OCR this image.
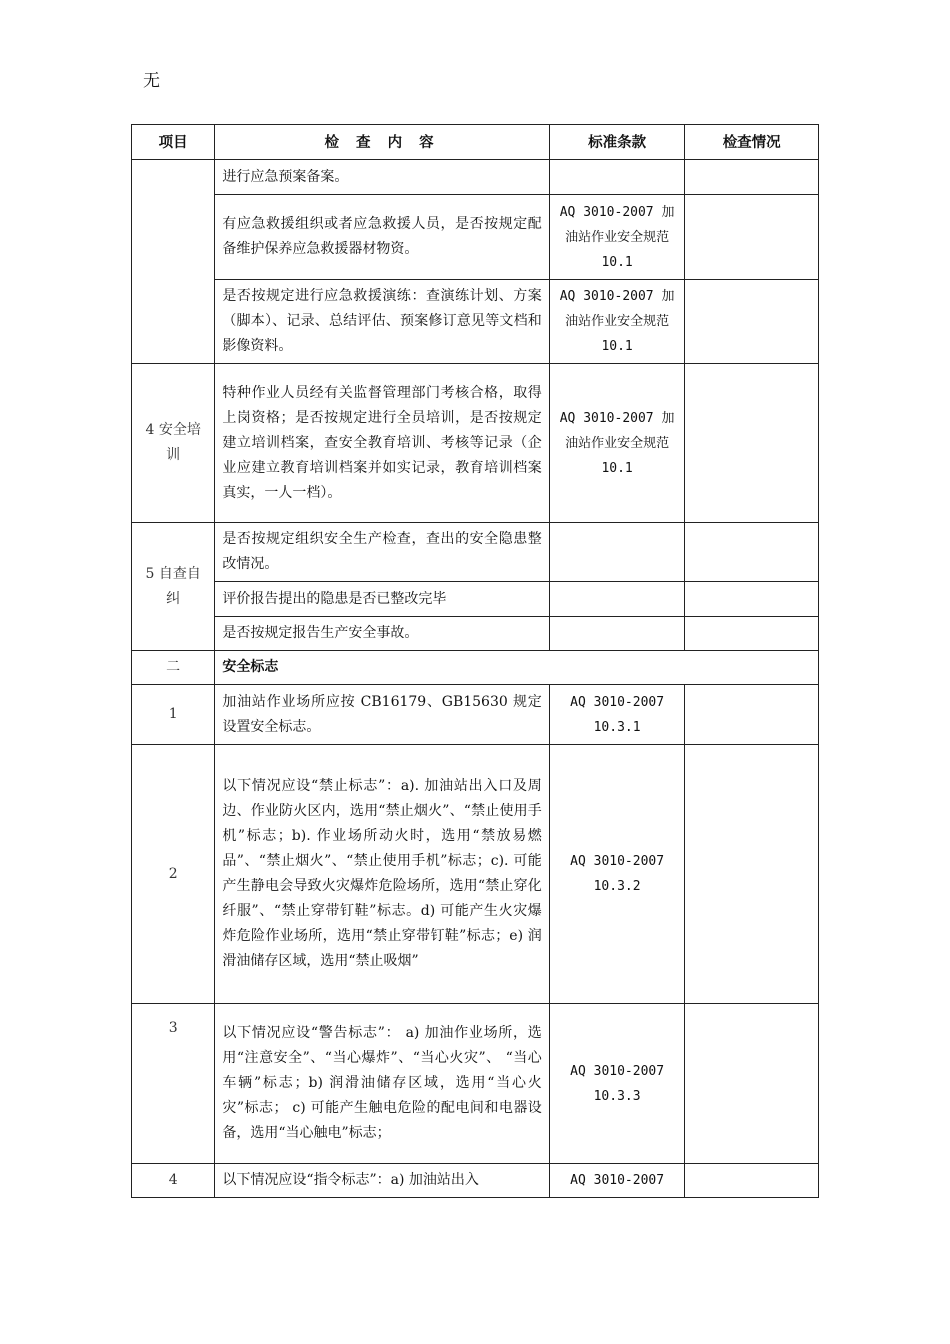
无
项目	检 查 内 容	标准条款	检查情况
	进行应急预案备案。		
	有应急救援组织或者应急救援人员，是否按规定配备维护保养应急救援器材物资。	AQ 3010-2007 加油站作业安全规范 10.1	
	是否按规定进行应急救援演练：查演练计划、方案（脚本）、记录、总结评估、预案修订意见等文档和影像资料。	AQ 3010-2007 加油站作业安全规范 10.1	
4 安全培训	特种作业人员经有关监督管理部门考核合格，取得上岗资格；是否按规定进行全员培训，是否按规定建立培训档案，查安全教育培训、考核等记录（企业应建立教育培训档案并如实记录，教育培训档案真实，一人一档）。	AQ 3010-2007 加油站作业安全规范 10.1	
5 自查自纠	是否按规定组织安全生产检查，查出的安全隐患整改情况。		
	评价报告提出的隐患是否已整改完毕		
	是否按规定报告生产安全事故。		
二	安全标志		
1	加油站作业场所应按 CB16179、GB15630 规定设置安全标志。	AQ 3010-2007 10.3.1	
2	以下情况应设“禁止标志”：a). 加油站出入口及周边、作业防火区内，选用“禁止烟火”、“禁止使用手机”标志；b). 作业场所动火时，选用“禁放易燃品”、“禁止烟火”、“禁止使用手机”标志；c). 可能产生静电会导致火灾爆炸危险场所，选用“禁止穿化纤服”、“禁止穿带钉鞋”标志。d) 可能产生火灾爆炸危险作业场所，选用“禁止穿带钉鞋”标志；e) 润滑油储存区域，选用“禁止吸烟”	AQ 3010-2007 10.3.2	
3	以下情况应设“警告标志”： a) 加油作业场所，选用“注意安全”、“当心爆炸”、“当心火灾”、 “当心车辆”标志；b) 润滑油储存区域，选用“当心火灾”标志； c) 可能产生触电危险的配电间和电器设备，选用“当心触电”标志；	AQ 3010-2007 10.3.3	
4	以下情况应设“指令标志”：a) 加油站出入	AQ 3010-2007	
